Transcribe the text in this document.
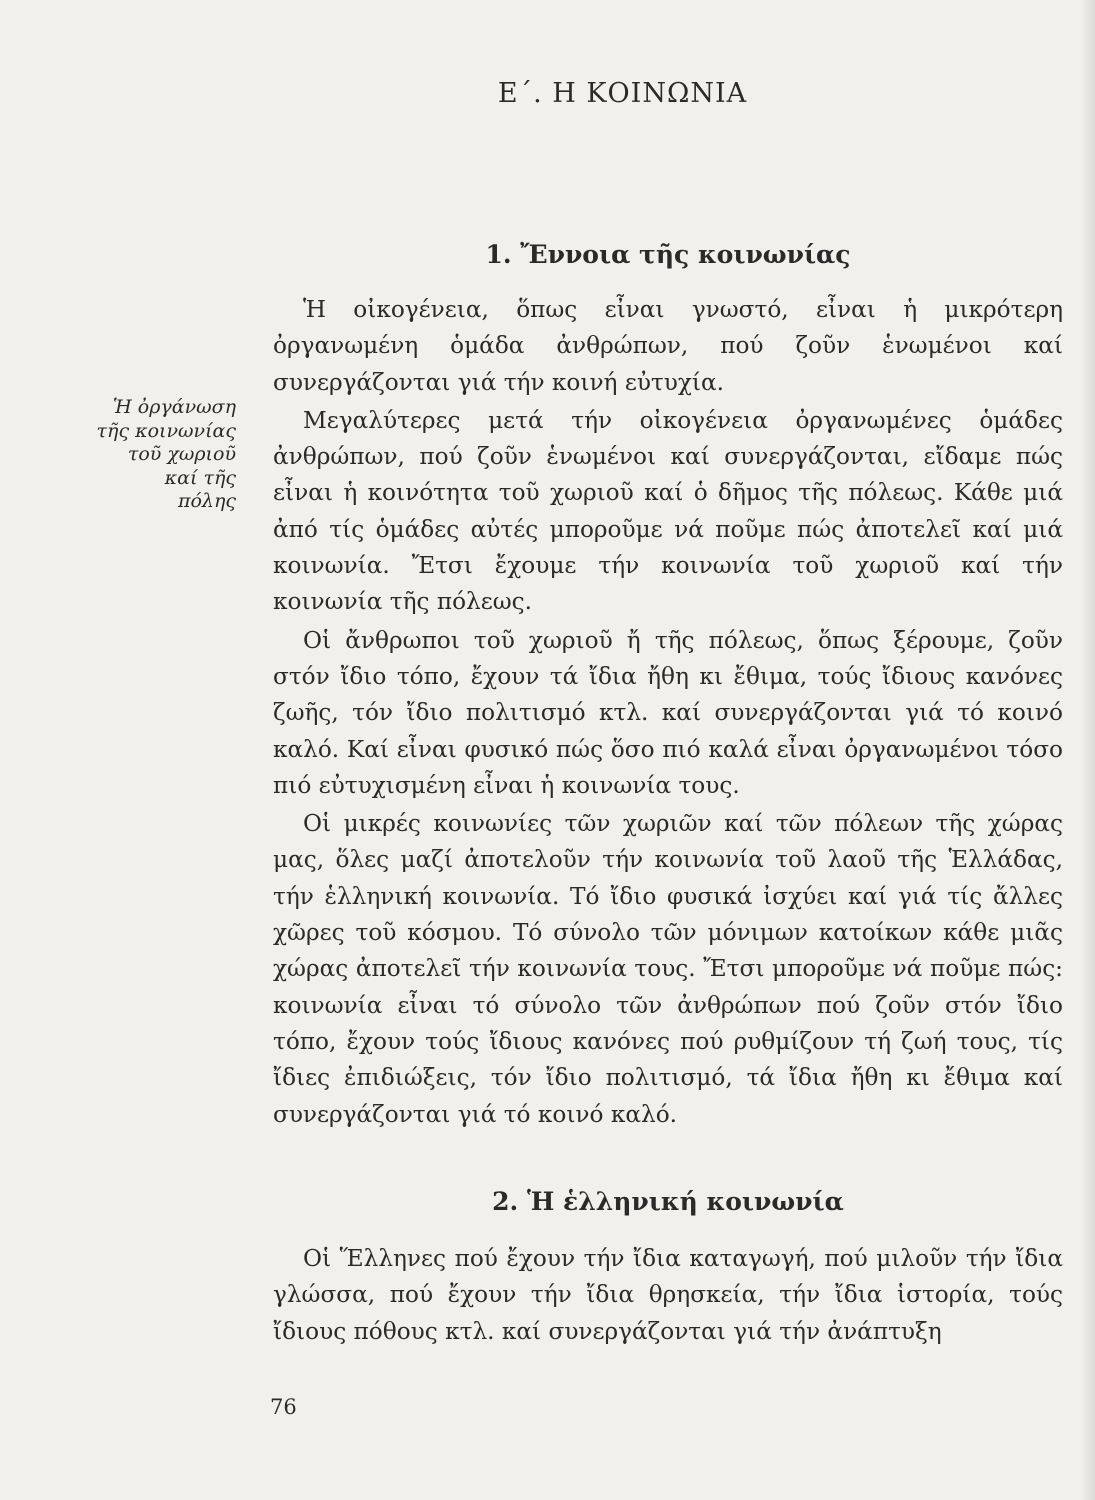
Ε΄. Η ΚΟΙΝΩΝΙΑ
Ἡ ὀργάνωση
τῆς κοινωνίας
τοῦ χωριοῦ
καί τῆς
πόλης
1. Ἔννοια τῆς κοινωνίας

Ἡ οἰκογένεια, ὅπως εἶναι γνωστό, εἶναι ἡ μικρότερη ὀργανωμένη ὁμάδα ἀνθρώπων, πού ζοῦν ἑνωμένοι καί συνεργάζονται γιά τήν κοινή εὐτυχία.

Μεγαλύτερες μετά τήν οἰκογένεια ὀργανωμένες ὁμάδες ἀνθρώπων, πού ζοῦν ἑνωμένοι καί συνεργάζονται, εἴδαμε πώς εἶναι ἡ κοινότητα τοῦ χωριοῦ καί ὁ δῆμος τῆς πόλεως. Κάθε μιά ἀπό τίς ὁμάδες αὐτές μποροῦμε νά ποῦμε πώς ἀποτελεῖ καί μιά κοινωνία. Ἔτσι ἔχουμε τήν κοινωνία τοῦ χωριοῦ καί τήν κοινωνία τῆς πόλεως.

Οἱ ἄνθρωποι τοῦ χωριοῦ ἤ τῆς πόλεως, ὅπως ξέρουμε, ζοῦν στόν ἴδιο τόπο, ἔχουν τά ἴδια ἤθη κι ἔθιμα, τούς ἴδιους κανόνες ζωῆς, τόν ἴδιο πολιτισμό κτλ. καί συνεργάζονται γιά τό κοινό καλό. Καί εἶναι φυσικό πώς ὅσο πιό καλά εἶναι ὀργανωμένοι τόσο πιό εὐτυχισμένη εἶναι ἡ κοινωνία τους.

Οἱ μικρές κοινωνίες τῶν χωριῶν καί τῶν πόλεων τῆς χώρας μας, ὅλες μαζί ἀποτελοῦν τήν κοινωνία τοῦ λαοῦ τῆς Ἑλλάδας, τήν ἑλληνική κοινωνία. Τό ἴδιο φυσικά ἰσχύει καί γιά τίς ἄλλες χῶρες τοῦ κόσμου. Τό σύνολο τῶν μόνιμων κατοίκων κάθε μιᾶς χώρας ἀποτελεῖ τήν κοινωνία τους. Ἔτσι μποροῦμε νά ποῦμε πώς: κοινωνία εἶναι τό σύνολο τῶν ἀνθρώπων πού ζοῦν στόν ἴδιο τόπο, ἔχουν τούς ἴδιους κανόνες πού ρυθμίζουν τή ζωή τους, τίς ἴδιες ἐπιδιώξεις, τόν ἴδιο πολιτισμό, τά ἴδια ἤθη κι ἔθιμα καί συνεργάζονται γιά τό κοινό καλό.

2. Ἡ ἑλληνική κοινωνία

Οἱ Ἕλληνες πού ἔχουν τήν ἴδια καταγωγή, πού μιλοῦν τήν ἴδια γλώσσα, πού ἔχουν τήν ἴδια θρησκεία, τήν ἴδια ἱστορία, τούς ἴδιους πόθους κτλ. καί συνεργάζονται γιά τήν ἀνάπτυξη

76
